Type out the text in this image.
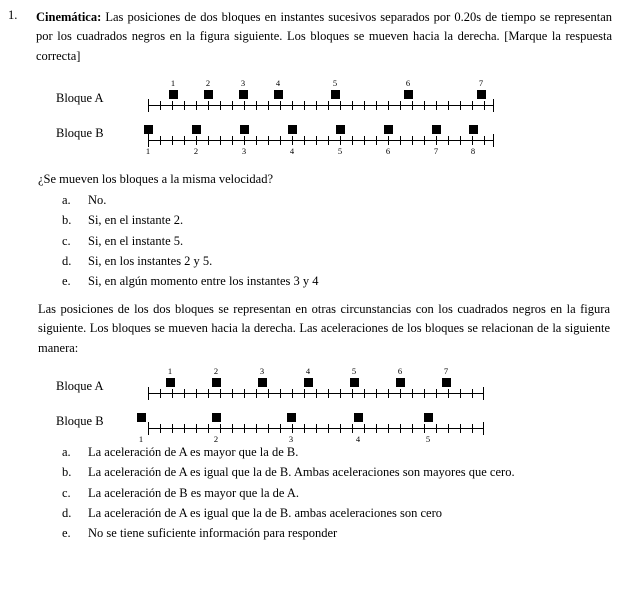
1.	Cinemática: Las posiciones de dos bloques en instantes sucesivos separados por 0.20s de tiempo se representan por los cuadrados negros en la figura siguiente. Los bloques se mueven hacia la derecha. [Marque la respuesta correcta]
Bloque A
Bloque B
1	2	3	4	5	6	7
1	2	3	4	5	6	7	8
¿Se mueven los bloques a la misma velocidad?
a. No.
b. Si, en el instante 2.
c. Si, en el instante 5.
d. Si, en los instantes 2 y 5.
e. Si, en algún momento entre los instantes 3 y 4
Las posiciones de los dos bloques se representan en otras circunstancias con los cuadrados negros en la figura siguiente. Los bloques se mueven hacia la derecha. Las aceleraciones de los bloques se relacionan de la siguiente manera:
Bloque A
Bloque B
1	2	3	4	5	6	7
1	2	3	4	5
a. La aceleración de A es mayor que la de B.
b. La aceleración de A es igual que la de B. Ambas aceleraciones son mayores que cero.
c. La aceleración de B es mayor que la de A.
d. La aceleración de A es igual que la de B. ambas aceleraciones son cero
e. No se tiene suficiente información para responder
